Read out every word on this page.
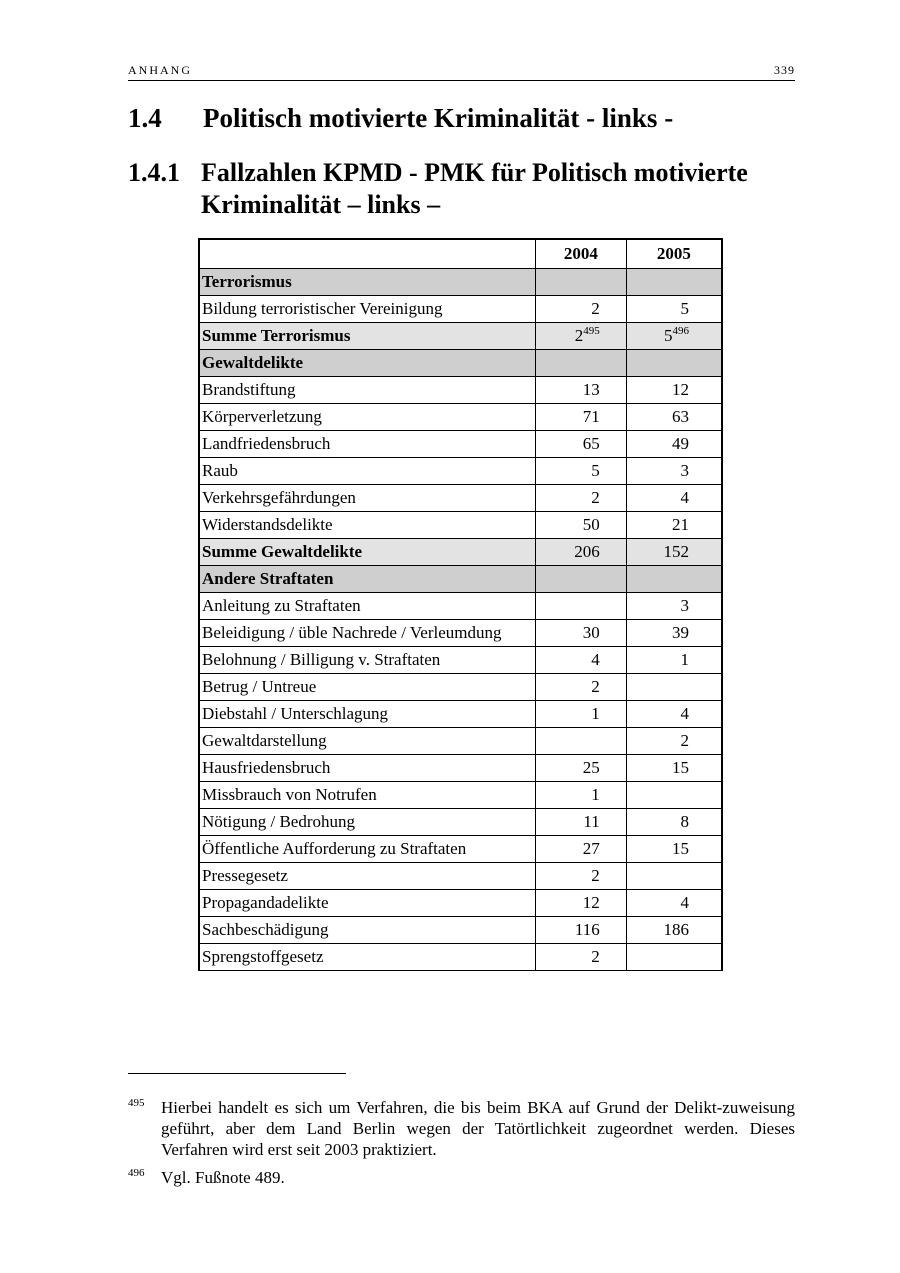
ANHANG	339
1.4 Politisch motivierte Kriminalität - links -
1.4.1 Fallzahlen KPMD - PMK für Politisch motivierte Kriminalität – links –
	2004	2005
Terrorismus		
Bildung terroristischer Vereinigung	2	5
Summe Terrorismus	2$^{495}$	5$^{496}$
Gewaltdelikte		
Brandstiftung	13	12
Körperverletzung	71	63
Landfriedensbruch	65	49
Raub	5	3
Verkehrsgefährdungen	2	4
Widerstandsdelikte	50	21
Summe Gewaltdelikte	206	152
Andere Straftaten		
Anleitung zu Straftaten		3
Beleidigung / üble Nachrede / Verleumdung	30	39
Belohnung / Billigung v. Straftaten	4	1
Betrug / Untreue	2	
Diebstahl / Unterschlagung	1	4
Gewaltdarstellung		2
Hausfriedensbruch	25	15
Missbrauch von Notrufen	1	
Nötigung / Bedrohung	11	8
Öffentliche Aufforderung zu Straftaten	27	15
Pressegesetz	2	
Propagandadelikte	12	4
Sachbeschädigung	116	186
Sprengstoffgesetz	2	
495 Hierbei handelt es sich um Verfahren, die bis beim BKA auf Grund der Delikt-zuweisung geführt, aber dem Land Berlin wegen der Tatörtlichkeit zugeordnet werden. Dieses Verfahren wird erst seit 2003 praktiziert.
496 Vgl. Fußnote 489.
